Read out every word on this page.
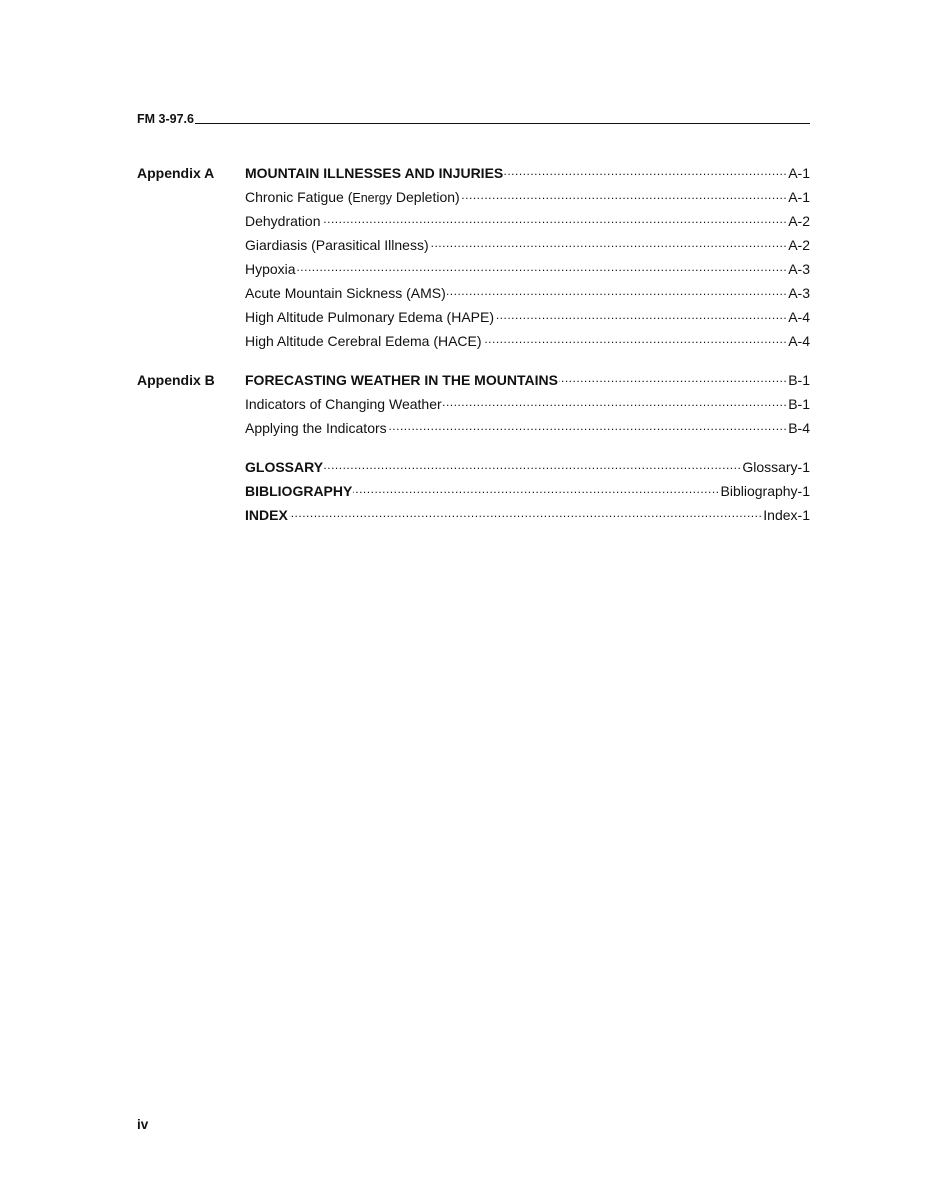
FM 3-97.6
Appendix A MOUNTAIN ILLNESSES AND INJURIES .....	A-1
Chronic Fatigue (Energy Depletion) .....	A-1
Dehydration .....	A-2
Giardiasis (Parasitical Illness) .....	A-2
Hypoxia .....	A-3
Acute Mountain Sickness (AMS) .....	A-3
High Altitude Pulmonary Edema (HAPE) .....	A-4
High Altitude Cerebral Edema (HACE) .....	A-4
Appendix B FORECASTING WEATHER IN THE MOUNTAINS .....	B-1
Indicators of Changing Weather .....	B-1
Applying the Indicators .....	B-4
GLOSSARY .....	Glossary-1
BIBLIOGRAPHY .....	Bibliography-1
INDEX .....	Index-1
iv
